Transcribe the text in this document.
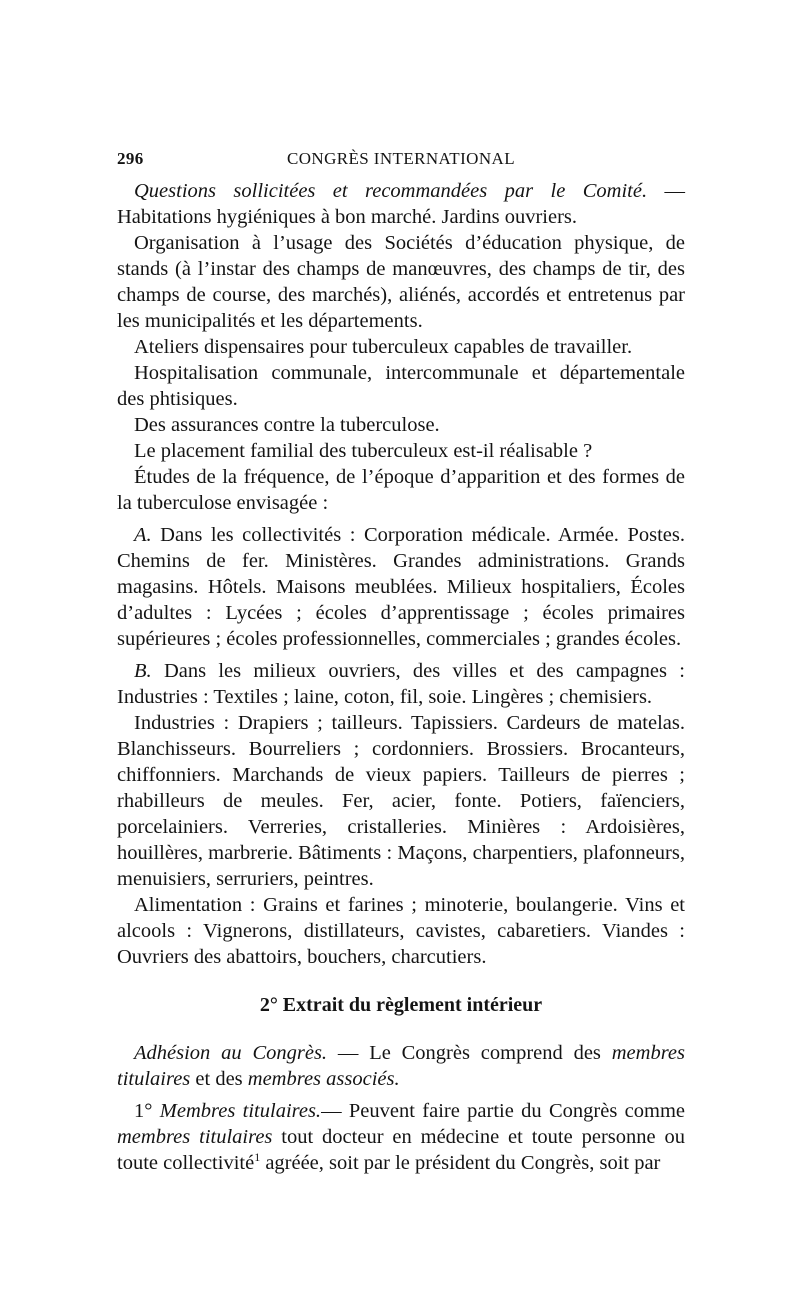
296	CONGRÈS INTERNATIONAL

Questions sollicitées et recommandées par le Comité. — Habitations hygiéniques à bon marché. Jardins ouvriers.

Organisation à l’usage des Sociétés d’éducation physique, de stands (à l’instar des champs de manœuvres, des champs de tir, des champs de course, des marchés), aliénés, accordés et entretenus par les municipalités et les départements.

Ateliers dispensaires pour tuberculeux capables de travailler.

Hospitalisation communale, intercommunale et départementale des phtisiques.

Des assurances contre la tuberculose.

Le placement familial des tuberculeux est-il réalisable ?

Études de la fréquence, de l’époque d’apparition et des formes de la tuberculose envisagée :

A. Dans les collectivités : Corporation médicale. Armée. Postes. Chemins de fer. Ministères. Grandes administrations. Grands magasins. Hôtels. Maisons meublées. Milieux hospitaliers, Écoles d’adultes : Lycées ; écoles d’apprentissage ; écoles primaires supérieures ; écoles professionnelles, commerciales ; grandes écoles.

B. Dans les milieux ouvriers, des villes et des campagnes : Industries : Textiles ; laine, coton, fil, soie. Lingères ; chemisiers.

Industries : Drapiers ; tailleurs. Tapissiers. Cardeurs de matelas. Blanchisseurs. Bourreliers ; cordonniers. Brossiers. Brocanteurs, chiffonniers. Marchands de vieux papiers. Tailleurs de pierres ; rhabilleurs de meules. Fer, acier, fonte. Potiers, faïenciers, porcelainiers. Verreries, cristalleries. Minières : Ardoisières, houillères, marbrerie. Bâtiments : Maçons, charpentiers, plafonneurs, menuisiers, serruriers, peintres.

Alimentation : Grains et farines ; minoterie, boulangerie. Vins et alcools : Vignerons, distillateurs, cavistes, cabaretiers. Viandes : Ouvriers des abattoirs, bouchers, charcutiers.

2° Extrait du règlement intérieur

Adhésion au Congrès. — Le Congrès comprend des membres titulaires et des membres associés.

1° Membres titulaires.— Peuvent faire partie du Congrès comme membres titulaires tout docteur en médecine et toute personne ou toute collectivité$^1$ agréée, soit par le président du Congrès, soit par
